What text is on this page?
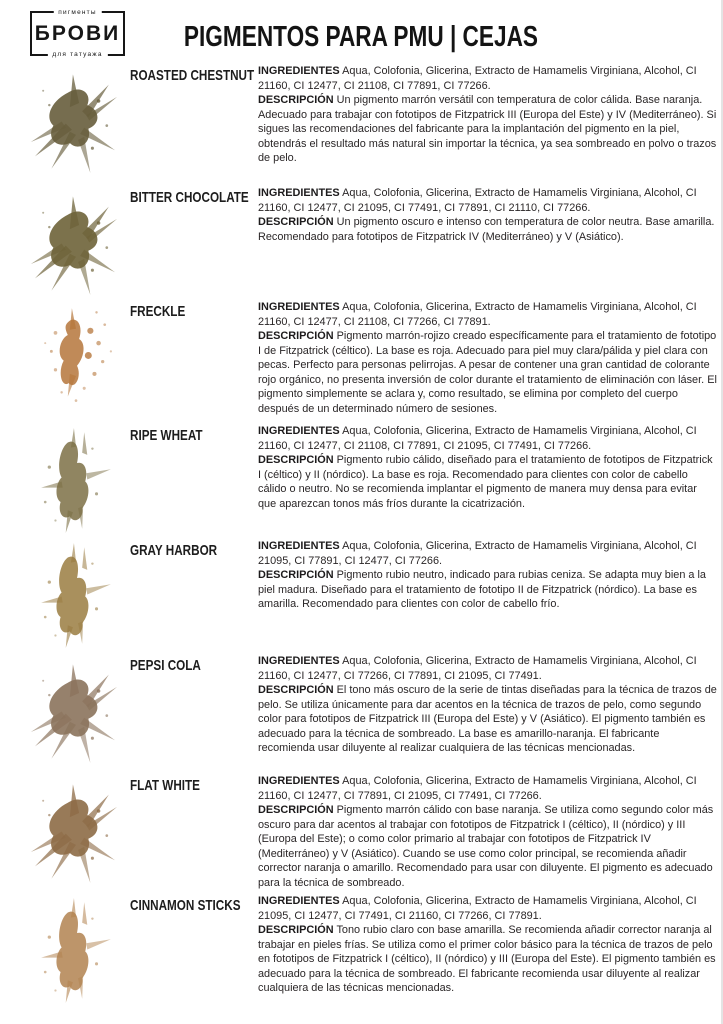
пигменты
БРОВИ
для татуажа
PIGMENTOS PARA PMU | CEJAS
ROASTED CHESTNUT INGREDIENTES Aqua, Colofonia, Glicerina, Extracto de Hamamelis Virginiana, Alcohol, CI 21160, CI 12477, CI 21108, CI 77891, CI 77266.

DESCRIPCIÓN Un pigmento marrón versátil con temperatura de color cálida. Base naranja. Adecuado para trabajar con fototipos de Fitzpatrick III (Europa del Este) y IV (Mediterráneo). Si sigues las recomendaciones del fabricante para la implantación del pigmento en la piel, obtendrás el resultado más natural sin importar la técnica, ya sea sombreado en polvo o trazos de pelo.

BITTER CHOCOLATE INGREDIENTES Aqua, Colofonia, Glicerina, Extracto de Hamamelis Virginiana, Alcohol, CI 21160, CI 12477, CI 21095, CI 77491, CI 77891, CI 21110, CI 77266.

DESCRIPCIÓN Un pigmento oscuro e intenso con temperatura de color neutra. Base amarilla. Recomendado para fototipos de Fitzpatrick IV (Mediterráneo) y V (Asiático).

FRECKLE	INGREDIENTES Aqua, Colofonia, Glicerina, Extracto de Hamamelis Virginiana, Alcohol, CI 21160, CI 12477, CI 21108, CI 77266, CI 77891.

DESCRIPCIÓN Pigmento marrón-rojizo creado específicamente para el tratamiento de fototipo I de Fitzpatrick (céltico). La base es roja. Adecuado para piel muy clara/pálida y piel clara con pecas. Perfecto para personas pelirrojas. A pesar de contener una gran cantidad de colorante rojo orgánico, no presenta inversión de color durante el tratamiento de eliminación con láser. El pigmento simplemente se aclara y, como resultado, se elimina por completo del cuerpo después de un determinado número de sesiones.

RIPE WHEAT	INGREDIENTES Aqua, Colofonia, Glicerina, Extracto de Hamamelis Virginiana, Alcohol, CI 21160, CI 12477, CI 21108, CI 77891, CI 21095, CI 77491, CI 77266.

DESCRIPCIÓN Pigmento rubio cálido, diseñado para el tratamiento de fototipos de Fitzpatrick I (céltico) y II (nórdico). La base es roja. Recomendado para clientes con color de cabello cálido o neutro. No se recomienda implantar el pigmento de manera muy densa para evitar que aparezcan tonos más fríos durante la cicatrización.

GRAY HARBOR	INGREDIENTES Aqua, Colofonia, Glicerina, Extracto de Hamamelis Virginiana, Alcohol, CI 21095, CI 77891, CI 12477, CI 77266.

DESCRIPCIÓN Pigmento rubio neutro, indicado para rubias ceniza. Se adapta muy bien a la piel madura. Diseñado para el tratamiento de fototipo II de Fitzpatrick (nórdico). La base es amarilla. Recomendado para clientes con color de cabello frío.

PEPSI COLA	INGREDIENTES Aqua, Colofonia, Glicerina, Extracto de Hamamelis Virginiana, Alcohol, CI 21160, CI 12477, CI 77266, CI 77891, CI 21095, CI 77491.

DESCRIPCIÓN El tono más oscuro de la serie de tintas diseñadas para la técnica de trazos de pelo. Se utiliza únicamente para dar acentos en la técnica de trazos de pelo, como segundo color para fototipos de Fitzpatrick III (Europa del Este) y V (Asiático). El pigmento también es adecuado para la técnica de sombreado. La base es amarillo-naranja. El fabricante recomienda usar diluyente al realizar cualquiera de las técnicas mencionadas.

FLAT WHITE	INGREDIENTES Aqua, Colofonia, Glicerina, Extracto de Hamamelis Virginiana, Alcohol, CI 21160, CI 12477, CI 77891, CI 21095, CI 77491, CI 77266.

DESCRIPCIÓN Pigmento marrón cálido con base naranja. Se utiliza como segundo color más oscuro para dar acentos al trabajar con fototipos de Fitzpatrick I (céltico), II (nórdico) y III (Europa del Este); o como color primario al trabajar con fototipos de Fitzpatrick IV (Mediterráneo) y V (Asiático). Cuando se use como color principal, se recomienda añadir corrector naranja o amarillo. Recomendado para usar con diluyente. El pigmento es adecuado para la técnica de sombreado.

CINNAMON STICKS	INGREDIENTES Aqua, Colofonia, Glicerina, Extracto de Hamamelis Virginiana, Alcohol, CI 21095, CI 12477, CI 77491, CI 21160, CI 77266, CI 77891.

DESCRIPCIÓN Tono rubio claro con base amarilla. Se recomienda añadir corrector naranja al trabajar en pieles frías. Se utiliza como el primer color básico para la técnica de trazos de pelo en fototipos de Fitzpatrick I (céltico), II (nórdico) y III (Europa del Este). El pigmento también es adecuado para la técnica de sombreado. El fabricante recomienda usar diluyente al realizar cualquiera de las técnicas mencionadas.
